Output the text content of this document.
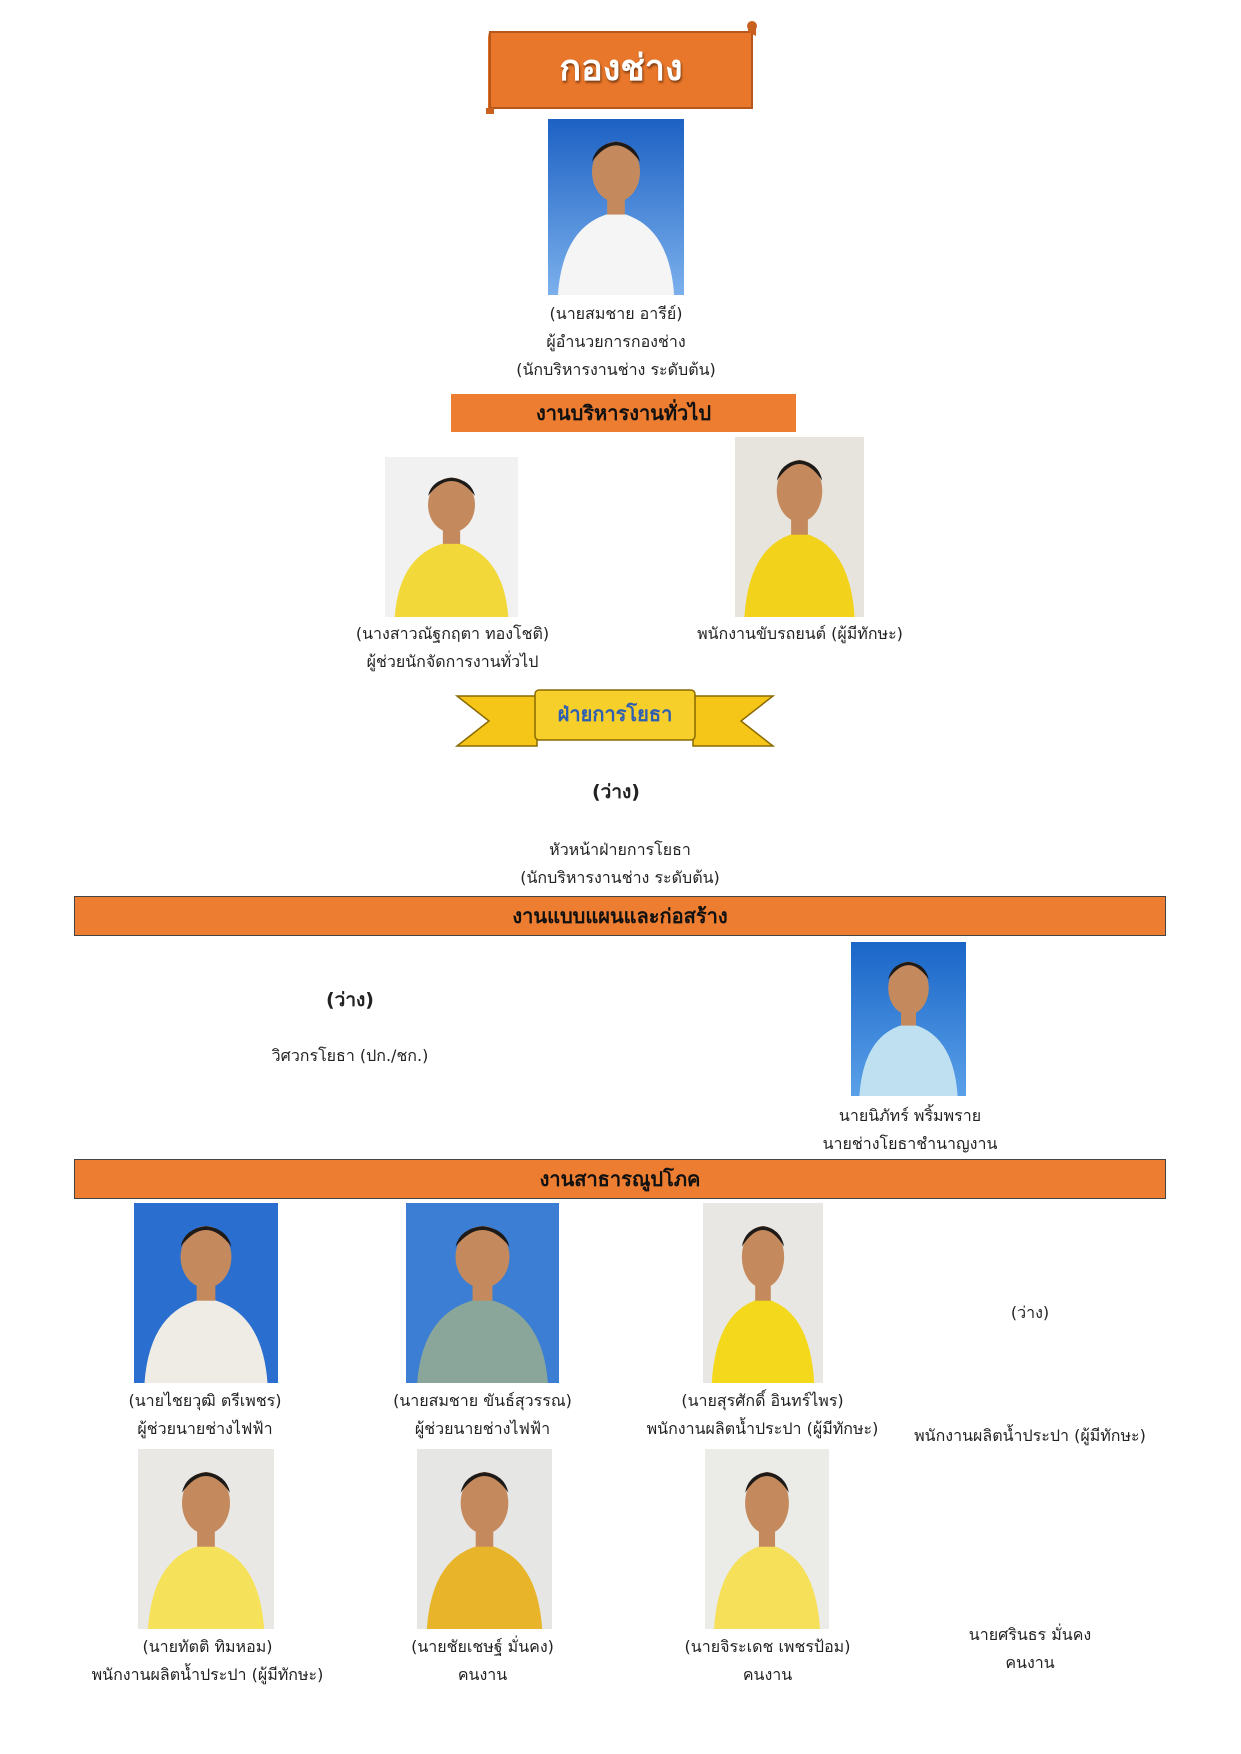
กองช่าง
(นายสมชาย อารีย์)
ผู้อำนวยการกองช่าง
(นักบริหารงานช่าง ระดับต้น)
งานบริหารงานทั่วไป
(นางสาวณัฐกฤตา ทองโชติ)
ผู้ช่วยนักจัดการงานทั่วไป
พนักงานขับรถยนต์ (ผู้มีทักษะ)
ฝ่ายการโยธา
(ว่าง)
หัวหน้าฝ่ายการโยธา
(นักบริหารงานช่าง ระดับต้น)
งานแบบแผนและก่อสร้าง
(ว่าง)
วิศวกรโยธา (ปก./ชก.)
นายนิภัทร์ พริ้มพราย
นายช่างโยธาชำนาญงาน
งานสาธารณูปโภค
(ว่าง)
(นายไชยวุฒิ ตรีเพชร)
ผู้ช่วยนายช่างไฟฟ้า
(นายสมชาย ขันธ์สุวรรณ)
ผู้ช่วยนายช่างไฟฟ้า
(นายสุรศักดิ์ อินทร์ไพร)
พนักงานผลิตน้ำประปา (ผู้มีทักษะ)	พนักงานผลิตน้ำประปา (ผู้มีทักษะ)
(นายทัตติ ทิมหอม)
พนักงานผลิตน้ำประปา (ผู้มีทักษะ)
(นายชัยเชษฐ์ มั่นคง)
คนงาน
(นายจิระเดช เพชรป้อม)
คนงาน
นายศรินธร มั่นคง
คนงาน
